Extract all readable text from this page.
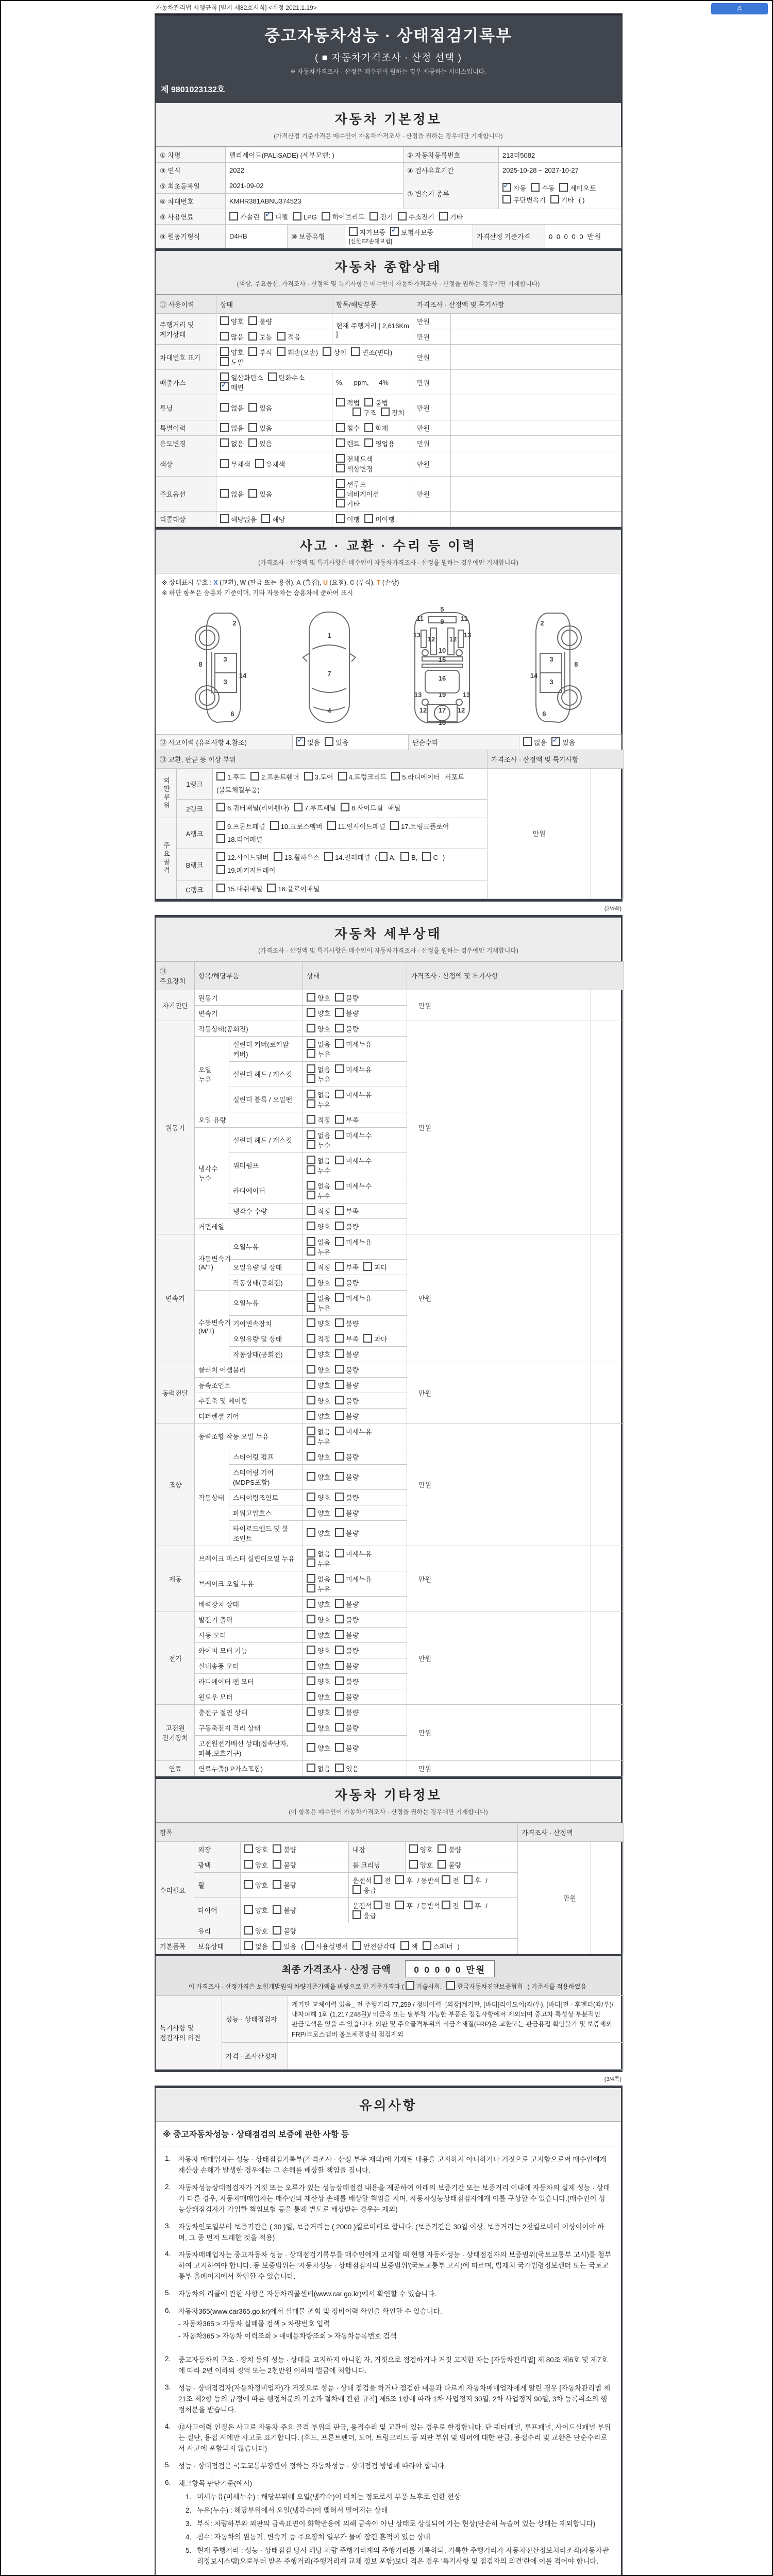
자동차관리법 시행규칙 [별지 제82호서식] <개정 2021.1.19>	⎙
중고자동차성능 · 상태점검기록부
( ■ 자동차가격조사 · 산정 선택 )
※ 자동차가격조사 · 산정은 매수인이 원하는 경우 제공하는 서비스입니다.
제 9801023132호
자동차 기본정보
(가격산정 기준가격은 매수인이 자동차가격조사 · 산정을 원하는 경우에만 기재합니다)
① 차명	팰리세이드(PALISADE) (세부모델: )	② 자동차등록번호	213더5082
③ 연식	2022	④ 검사유효기간	2025-10-28 ~ 2027-10-27
⑤ 최초등록일	2021-09-02	⑦ 변속기 종류	
✓자동 수동 세미오토
무단변속기 기타 ( )

⑥ 차대번호	KMHR381ABNU374523		
⑧ 사용연료	가솔린 ✓ 디젤 LPG 하이브리드 전기 수소전기 기타
⑨ 원동기형식	D4HB	⑩ 보증유형	자가보증 ✓ 보험사보증 [신한EZ손해보험]	가격산정 기준가격	0 0 0 0 0 만원
자동차 종합상태
(색상, 주요옵션, 가격조사 · 산정액 및 특기사항은 매수인이 자동차가격조사 · 산정을 원하는 경우에만 기재합니다)
⑪ 사용이력	상태	항목/해당부품	가격조사 · 산정액 및 특기사항	
주행거리 및 계기상태	양호 불량	현재 주행거리 [ 2,616Km ]	만원	
	많음 보통 적음		만원	
차대번호 표기	양호 부식 훼손(오손) 상이 변조(변타)도말		만원	
배출가스	일산화탄소 탄화수소✓매연	%,  ppm,  4%	만원	
튜닝	없음 있음	적법 불법
구조 장치	만원	
특별이력	없음 있음	침수 화재	만원	
용도변경	없음 있음	렌트 영업용	만원	
색상	무채색 유채색	전체도색색상변경	만원	
주요옵션	없음 있음	썬루프네비게이션기타	만원	
리콜대상	해당없음 해당	이행 미이행		
사고 · 교환 · 수리 등 이력
(가격조사 · 산정액 및 특기사항은 매수인이 자동차가격조사 · 산정을 원하는 경우에만 기재합니다)
※ 상태표시 부호 : X (교환), W (판금 또는 용접), A (흠집), U (요철), C (부식), T (손상)
※ 하단 항목은 승용차 기준이며, 기타 자동차는 승용차에 준하여 표시
2
8
3
3
14
6
1
7
4
5
9
11	11
13	13
12 12
10
15
16
13	13
19
12	12
17
18
2
8
3
3
14
6
⑫ 사고이력 (유의사항 4.참조)	✓없음 있음	단순수리	없음 ✓ 있음
⑬ 교환, 판금 등 이상 부위			가격조사 · 산정액 및 특기사항	
외판부위	1랭크	1.후드 2.프론트휀더 3.도어 4.트렁크리드 5.라디에이터 서포트(볼트체결부품)	만원	
	2랭크	6.쿼터패널(리어휀다) 7.루프패널 8.사이드실 패널		
주요골격	A랭크	9.프론트패널 10.크로스멤버 11.인사이드패널 17.트렁크플로어18.리어패널		
	B랭크	12.사이드멤버 13.휠하우스 14.필러패널 ( A, B, C )19.패키지트레이		
	C랭크	15.대쉬패널 16.플로어패널		
(2/4쪽)
자동차 세부상태
(가격조사 · 산정액 및 특기사항은 매수인이 자동차가격조사 · 산정을 원하는 경우에만 기재합니다)
⑭ 주요장치	항목/해당부품		상태	가격조사 · 산정액 및 특기사항	
자기진단	원동기		양호 불량	만원	
	변속기		양호 불량		
원동기	작동상태(공회전)		양호 불량	만원	
	오일 누유	실린더 커버(로커암 커버)	없음 미세누유누유		
		실린더 헤드 / 개스킷	없음 미세누유누유		
		실린더 블록 / 오일팬	없음 미세누유누유		
	오일 유량		적정 부족		
	냉각수 누수	실린더 헤드 / 개스킷	없음 미세누수누수		
		워터펌프	없음 미세누수누수		
		라디에이터	없음 미세누수누수		
		냉각수 수량	적정 부족		
	커먼레일		양호 불량		
변속기	자동변속기 (A/T)	오일누유	없음 미세누유누유	만원	
		오일유량 및 상태	적정 부족 과다		
		작동상태(공회전)	양호 불량		
	수동변속기 (M/T)	오일누유	없음 미세누유누유		
		기어변속장치	양호 불량		
		오일유량 및 상태	적정 부족 과다		
		작동상태(공회전)	양호 불량		
동력전달	클러치 어셈블리		양호 불량	만원	
	등속조인트		양호 불량		
	추진축 및 베어링		양호 불량		
	디퍼렌셜 기어		양호 불량		
조향	동력조향 작동 오일 누유		없음 미세누유누유	만원	
	작동상태	스티어링 펌프	양호 불량		
		스티어링 기어(MDPS포함)	양호 불량		
		스티어링조인트	양호 불량		
		파워고압호스	양호 불량		
		타이로드엔드 및 볼 조인트	양호 불량		
제동	브레이크 마스터 실린더오일 누유		없음 미세누유누유	만원	
	브레이크 오일 누유		없음 미세누유누유		
	배력장치 상태		양호 불량		
전기	발전기 출력		양호 불량	만원	
	시동 모터		양호 불량		
	와이퍼 모터 기능		양호 불량		
	실내송풍 모터		양호 불량		
	라디에이터 팬 모터		양호 불량		
	윈도우 모터		양호 불량		
고전원 전기장치	충전구 절연 상태		양호 불량	만원	
	구동축전지 격리 상태		양호 불량		
	고전원전기배선 상태(접속단자,피복,보호기구)		양호 불량		
연료	연료누출(LP가스포함)		없음 있음	만원	
자동차 기타정보
(이 항목은 매수인이 자동차가격조사 · 산정을 원하는 경우에만 기재합니다)
항목					가격조사 · 산정액	
수리필요	외장	양호 불량	내장	양호 불량	만원	
	광택	양호 불량	룸 크리닝	양호 불량		
	휠	양호 불량	운전석 전 후 / 동반석 전 후 /응급			
	타이어	양호 불량	운전석 전 후 / 동반석 전 후 /응급			
	유리	양호 불량				
기본품목	보유상태	없음 있음 ( 사용설명서 안전삼각대 잭 스패너 )				
최종 가격조사 · 산정 금액	0 0 0 0 0 만원
이 가격조사 · 산정가격은 보험개발원의 차량기준가액을 바탕으로 한 기준가격과 ( 기술사회,	한국자동차진단보증협회 ) 기준서를 적용하였음
특기사항 및 점검자의 의견	성능 · 상태점검자	계기판 교체이력 있음_ 전 주행거리 77,259 / 정비이력- [의장]계기판, [바디]리어도어(좌/우), [바디]전 · 후펜더(좌/우)/ 내차피해 1회 (1,217,248원)/ 비금속 또는 탈부착 가능한 부품은 점검사항에서 제외되며 중고차 특성상 부분적인 판금도색은 있을 수 있습니다. 외판 및 주요골격부위의 비금속재질(FRP)은 교환또는 판금용접 확인불가 및 보증제외 FRP/크로스멤버 볼트체결방식 점검제외
	가격 · 조사산정자	
(3/4쪽)
유의사항
※ 중고자동차성능 · 상태점검의 보증에 관한 사항 등
1.	자동차 매매업자는 성능 · 상태점검기록부(가격조사 · 산정 부분 제외)에 기재된 내용을 고지하지 아니하거나 거짓으로 고지함으로써 매수인에게 재산상 손해가 발생한 경우에는 그 손해를 배상할 책임을 집니다.
2.	자동차성능상태점검자가 거짓 또는 오류가 있는 성능상태점검 내용을 제공하여 아래의 보증기간 또는 보증거리 이내에 자동차의 실제 성능 · 상태가 다른 경우, 자동차매매업자는 매수인의 재산상 손해를 배상할 책임을 지며, 자동차성능상태점검자에게 이를 구상할 수 있습니다.(매수인이 성능상태점검자가 가입한 책임보험 등을 통해 별도로 배상받는 경우는 제외)
3.	자동차인도일부터 보증기간은 ( 30 )일, 보증거리는 ( 2000 )킬로미터로 합니다. (보증기간은 30일 이상, 보증거리는 2천킬로미터 이상이어야 하며, 그 중 먼저 도래한 것을 적용)
4.	자동차매매업자는 중고자동차 성능 · 상태점검기록부를 매수인에게 고지할 때 현행 자동차성능 · 상태점검자의 보증범위(국토교통부 고시)를 첨부하여 고지하여야 합니다. 동 보증범위는 '자동차성능 · 상태점검자의 보증범위'(국토교통부 고시)에 따르며, 법제처 국가법령정보센터 또는 국토교통부 홈페이지에서 확인할 수 있습니다.
5.	자동차의 리콜에 관한 사항은 자동차리콜센터(www.car.go.kr)에서 확인할 수 있습니다.
6.	자동차365(www.car365.go.kr)에서 실매물 조회 및 정비이력 확인을 확인할 수 있습니다.
- 자동차365 > 자동차 실매물 검색 > 차량번호 입력
- 자동차365 > 자동차 이력조회 > 매매용차량조회 > 자동차등록번호 검색
2.	중고자동차의 구조 · 장치 등의 성능 · 상태를 고지하지 아니한 자, 거짓으로 점검하거나 거짓 고지한 자는 [자동차관리법] 제 80조 제6호 및 제7호에 따라 2년 이하의 징역 또는 2천만원 이하의 벌금에 처합니다.
3.	성능 · 상태점검자(자동차정비업자)가 거짓으로 성능 · 상태 점검을 하거나 점검한 내용과 다르게 자동차매매업자에게 알린 경우 [자동차관리법 제21조 제2항 등의 규정에 따른 행정처분의 기준과 절차에 관한 규칙] 제5조 1항에 따라 1차 사업정지 30일, 2차 사업정지 90일, 3차 등록취소의 행정처분을 받습니다.
4.	⑫사고이력 인정은 사고로 자동차 주요 골격 부위의 판금, 용접수리 및 교환이 있는 경우로 한정합니다. 단 쿼터패널, 루프패널, 사이드실패널 부위는 절단, 용접 시에만 사고로 표기합니다. (후드, 프론트펜더, 도어, 트렁크리드 등 외판 부위 및 범퍼에 대한 판금, 용접수리 및 교환은 단순수리로서 사고에 포함되지 않습니다)
5.	성능 · 상태점검은 국토교통부장관이 정하는 자동차성능 · 상태점검 방법에 따라야 합니다.
6.	체크항목 판단기준(예시)
1. 미세누유(미세누수) : 해당부위에 오일(냉각수)이 비치는 정도로서 부품 노후로 인한 현상
2. 누유(누수) : 해당부위에서 오일(냉각수)이 맺혀서 떨어지는 상태
3. 부식: 차량하부와 외판의 금속표면이 화학반응에 의해 금속이 아닌 상태로 상실되어 가는 현상(단순히 녹슬어 있는 상태는 제외합니다)
4. 침수: 자동차의 원동기, 변속기 등 주요장치 일부가 물에 잠긴 흔적이 있는 상태
5. 현재 주행거리 : 성능 · 상태점검 당시 해당 차량 주행거리계의 주행거리를 기록하되, 기록한 주행거리가 자동차전산정보처리조직(자동차관리정보시스템)으로부터 받은 주행거리(주행거리계 교체 정보 포함)보다 적은 경우 '특기사항 및 점검자의 의견'란에 이를 적어야 합니다.
